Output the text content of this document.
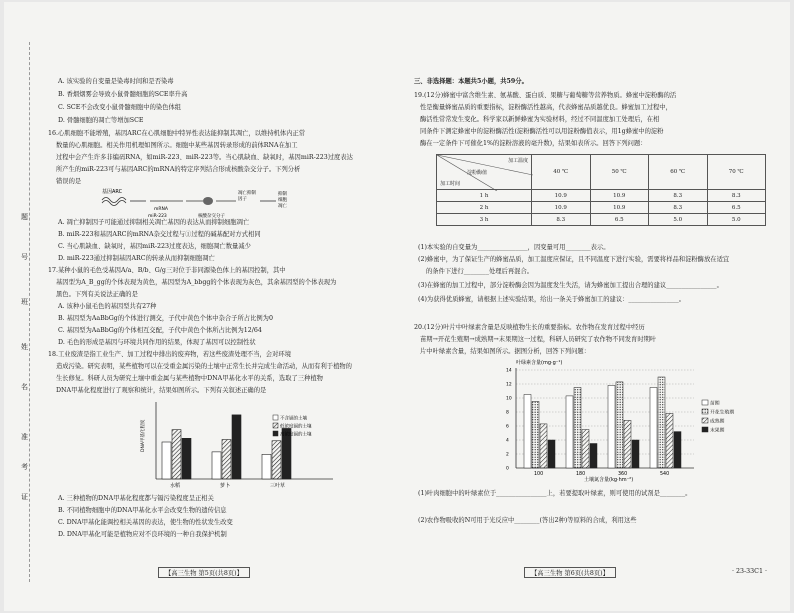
题
号
班
姓
名
准
考
证
A. 该实验的自变量是染毒时间和是否染毒
B. 香烟烟雾会导致小鼠骨髓细胞的SCE率升高
C. SCE不会改变小鼠骨髓细胞中的染色体组
D. 骨髓细胞的凋亡等增加SCE
16.心肌细胞不能增殖，基因ARC在心肌细胞中特异性表达能抑制其凋亡，以维持机体内正常
数量的心肌细胞。相关作用机理如图所示。细胞中某些基因转录形成的前体RNA在加工
过程中会产生许多非编码RNA，如miR-223、miR-223等。当心肌缺血、缺氧时，基因miR-223过度表达
所产生的miR-223可与基因ARC的mRNA的特定序列结合形成核酸杂交分子。下列分析
错误的是
基因ARC
mRNA
凋亡抑制
因子
抑制
细胞
凋亡
miR-223	核酸杂交分子
A. 凋亡抑制因子可能通过抑制相关凋亡基因的表达从而抑制细胞凋亡
B. miR-223和基因ARC的mRNA杂交过程与①过程的碱基配对方式相同
C. 当心肌缺血、缺氧时，基因miR-223过度表达，细胞凋亡数量减少
D. miR-223通过抑制基因ARC的转录从而抑制细胞凋亡
17.某种小鼠的毛色受基因A/a、B/b、G/g三对位于非同源染色体上的基因控制，其中
基因型为A_B_gg的个体表现为黄色，基因型为A_bbgg的个体表现为灰色，其余基因型的个体表现为
黑色。下列有关说法正确的是
A. 该种小鼠毛色的基因型共有27种
B. 基因型为AaBbGg的个体进行测交，子代中黄色个体中杂合子所占比例为0
C. 基因型为AaBbGg的个体相互交配，子代中黄色个体所占比例为12/64
D. 毛色的形成是基因与环境共同作用的结果，体现了基因可以控制性状
18.工业废渣是指工业生产、加工过程中排出的废弃物，若这些废渣处理不当，会对环境
造成污染。研究表明，某些植物可以在受重金属污染的土壤中正常生长并完成生命活动，从而有利于植物的
生长修复。科研人员为研究土壤中重金属与某些植物中DNA甲基化水平的关系，选取了三种植物
DNA甲基化程度进行了观察和统计，结果如图所示。下列有关叙述正确的是
DNA甲基化程度
水稻	萝卜	三叶草
不含镉的土壤
低浓度镉的土壤
高浓度镉的土壤
A. 三种植物的DNA甲基化程度都与镉污染程度呈正相关
B. 不同植物细胞中的DNA甲基化水平会改变生物的遗传信息
C. DNA甲基化能调控相关基因的表达，使生物的性状发生改变
D. DNA甲基化可能是植物应对不良环境的一种自我保护机制
【高三生物 第5页(共8页)】
三、非选择题：本题共5小题，共59分。
19.(12分)蜂蜜中富含维生素、氨基酸、蛋白质、果糖与葡萄糖等营养物质。蜂蜜中淀粉酶的活
性是衡量蜂蜜品质的重要指标，淀粉酶活性越高，代表蜂蜜品质越优良。蜂蜜加工过程中，
酶活性常常发生变化。科学家以新鲜蜂蜜为实验材料，经过不同温度加工处理后，在相
同条件下测定蜂蜜中的淀粉酶活性(淀粉酶活性可以用淀粉酶值表示，用1g蜂蜜中的淀粉
酶在一定条件下可催化1%的淀粉溶液的毫升数)，结果如表所示。回答下列问题：
加工温度
淀粉酶值
加工时间	40 ℃	50 ℃	60 ℃	70 ℃
1 h	10.9	10.9	8.3	8.3
2 h	10.9	10.9	8.3	6.5
3 h	8.3	6.5	5.0	5.0
(1)本实验的自变量为________________，因变量可用________表示。
(2)蜂蜜中，为了保证生产的蜂蜜品质，加工温度应保证，且不同温度下进行实验，需要将样品和淀粉酶放在适宜
的条件下进行________处理后再混合。
(3)在蜂蜜的加工过程中，部分淀粉酶会因为温度发生失活，请为蜂蜜加工提出合理的建议________________。
(4)为获得优质蜂蜜，请根据上述实验结果，给出一条关于蜂蜜加工的建议：________________。
20.(12分)叶片中叶绿素含量是反映植物生长的重要指标。农作物在发育过程中经历
苗期→开花生殖期→成熟期→末果期这一过程，科研人员研究了农作物不同发育时期叶
片中叶绿素含量，结果如图所示。据图分析，回答下列问题：
叶绿素含量(mg·g⁻¹)
0
2
4
6
8
10
12
14
100	180	360	540
土壤氮含量(kg·hm⁻²)
苗期
开花生殖期
成熟期
末果期
(1)叶肉细胞中的叶绿素位于________________上，若要提取叶绿素，则可使用的试剂是________。
(2)农作物吸收的N可用于光反应中________(答出2种)等原料的合成，利用这些
【高三生物 第6页(共8页)】	· 23-33C1 ·
